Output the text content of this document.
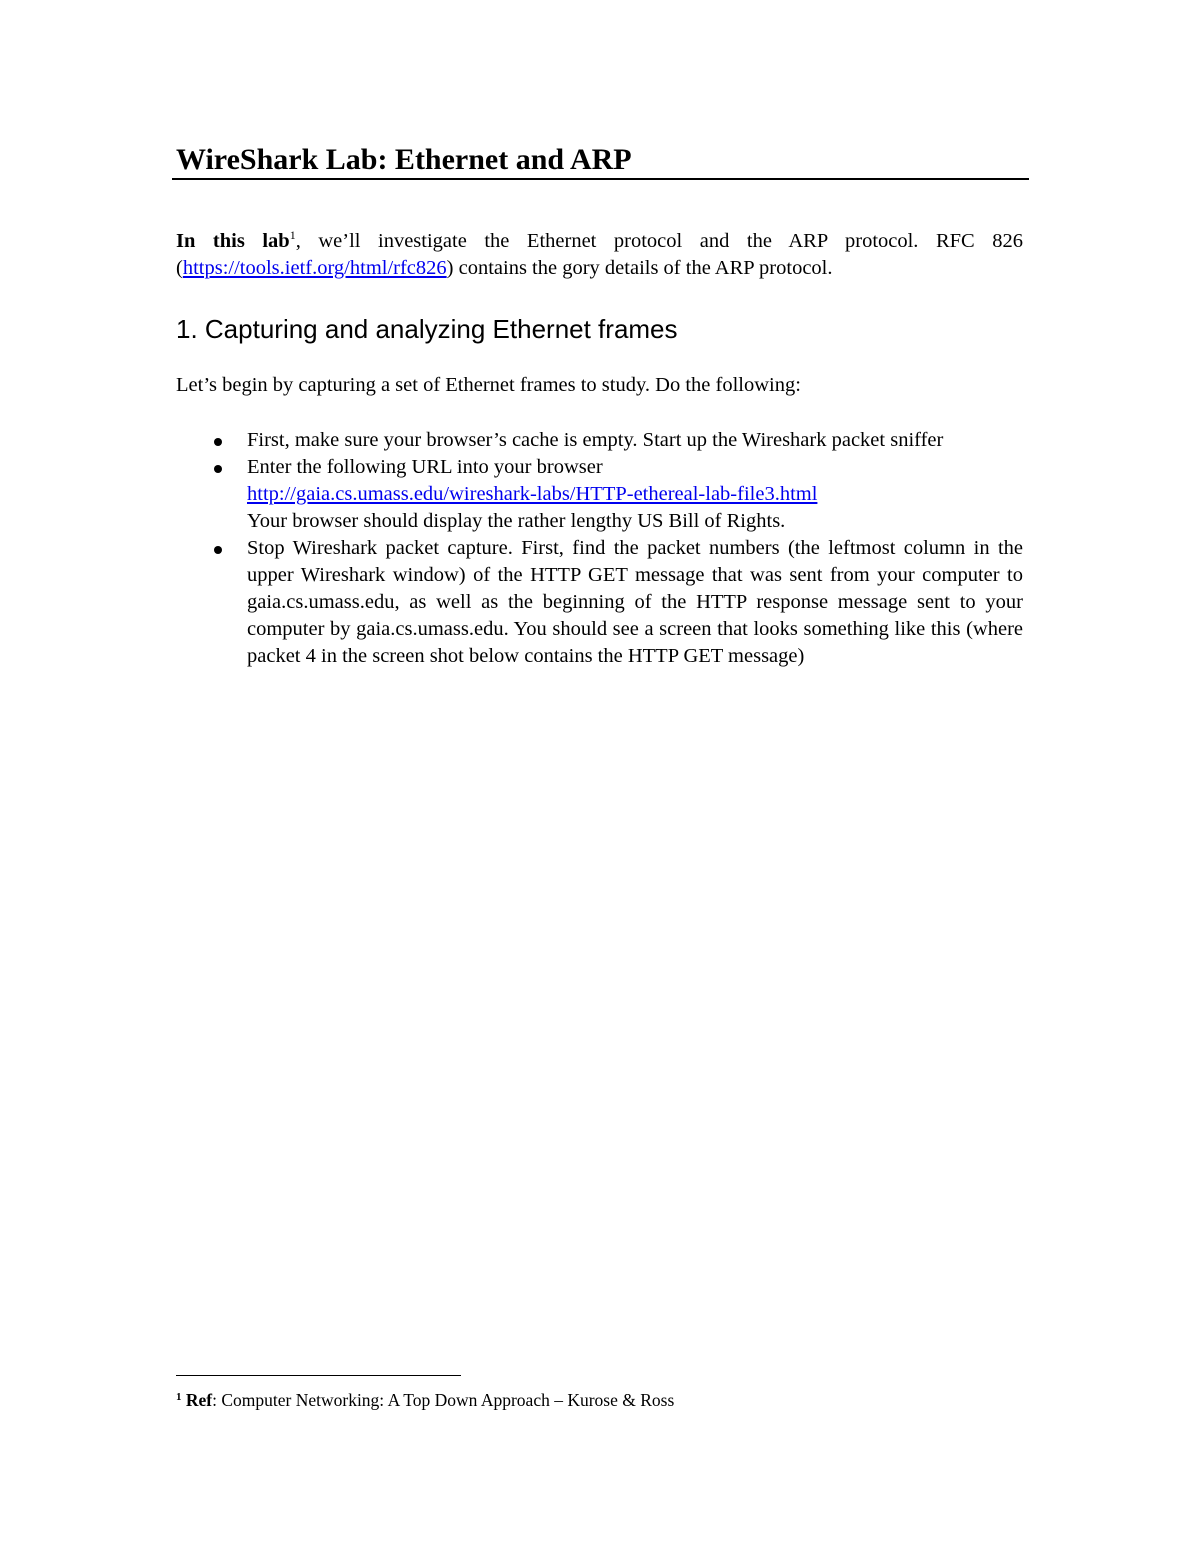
WireShark Lab: Ethernet and ARP

In this lab$^1$, we’ll investigate the Ethernet protocol and the ARP protocol. RFC 826 (https://tools.ietf.org/html/rfc826) contains the gory details of the ARP protocol.

1. Capturing and analyzing Ethernet frames

Let’s begin by capturing a set of Ethernet frames to study. Do the following:

First, make sure your browser’s cache is empty. Start up the Wireshark packet sniffer
Enter the following URL into your browser
http://gaia.cs.umass.edu/wireshark-labs/HTTP-ethereal-lab-file3.html
Your browser should display the rather lengthy US Bill of Rights.
Stop Wireshark packet capture. First, find the packet numbers (the leftmost column in the upper Wireshark window) of the HTTP GET message that was sent from your computer to gaia.cs.umass.edu, as well as the beginning of the HTTP response message sent to your computer by gaia.cs.umass.edu. You should see a screen that looks something like this (where packet 4 in the screen shot below contains the HTTP GET message)

$^1$ Ref: Computer Networking: A Top Down Approach – Kurose & Ross
